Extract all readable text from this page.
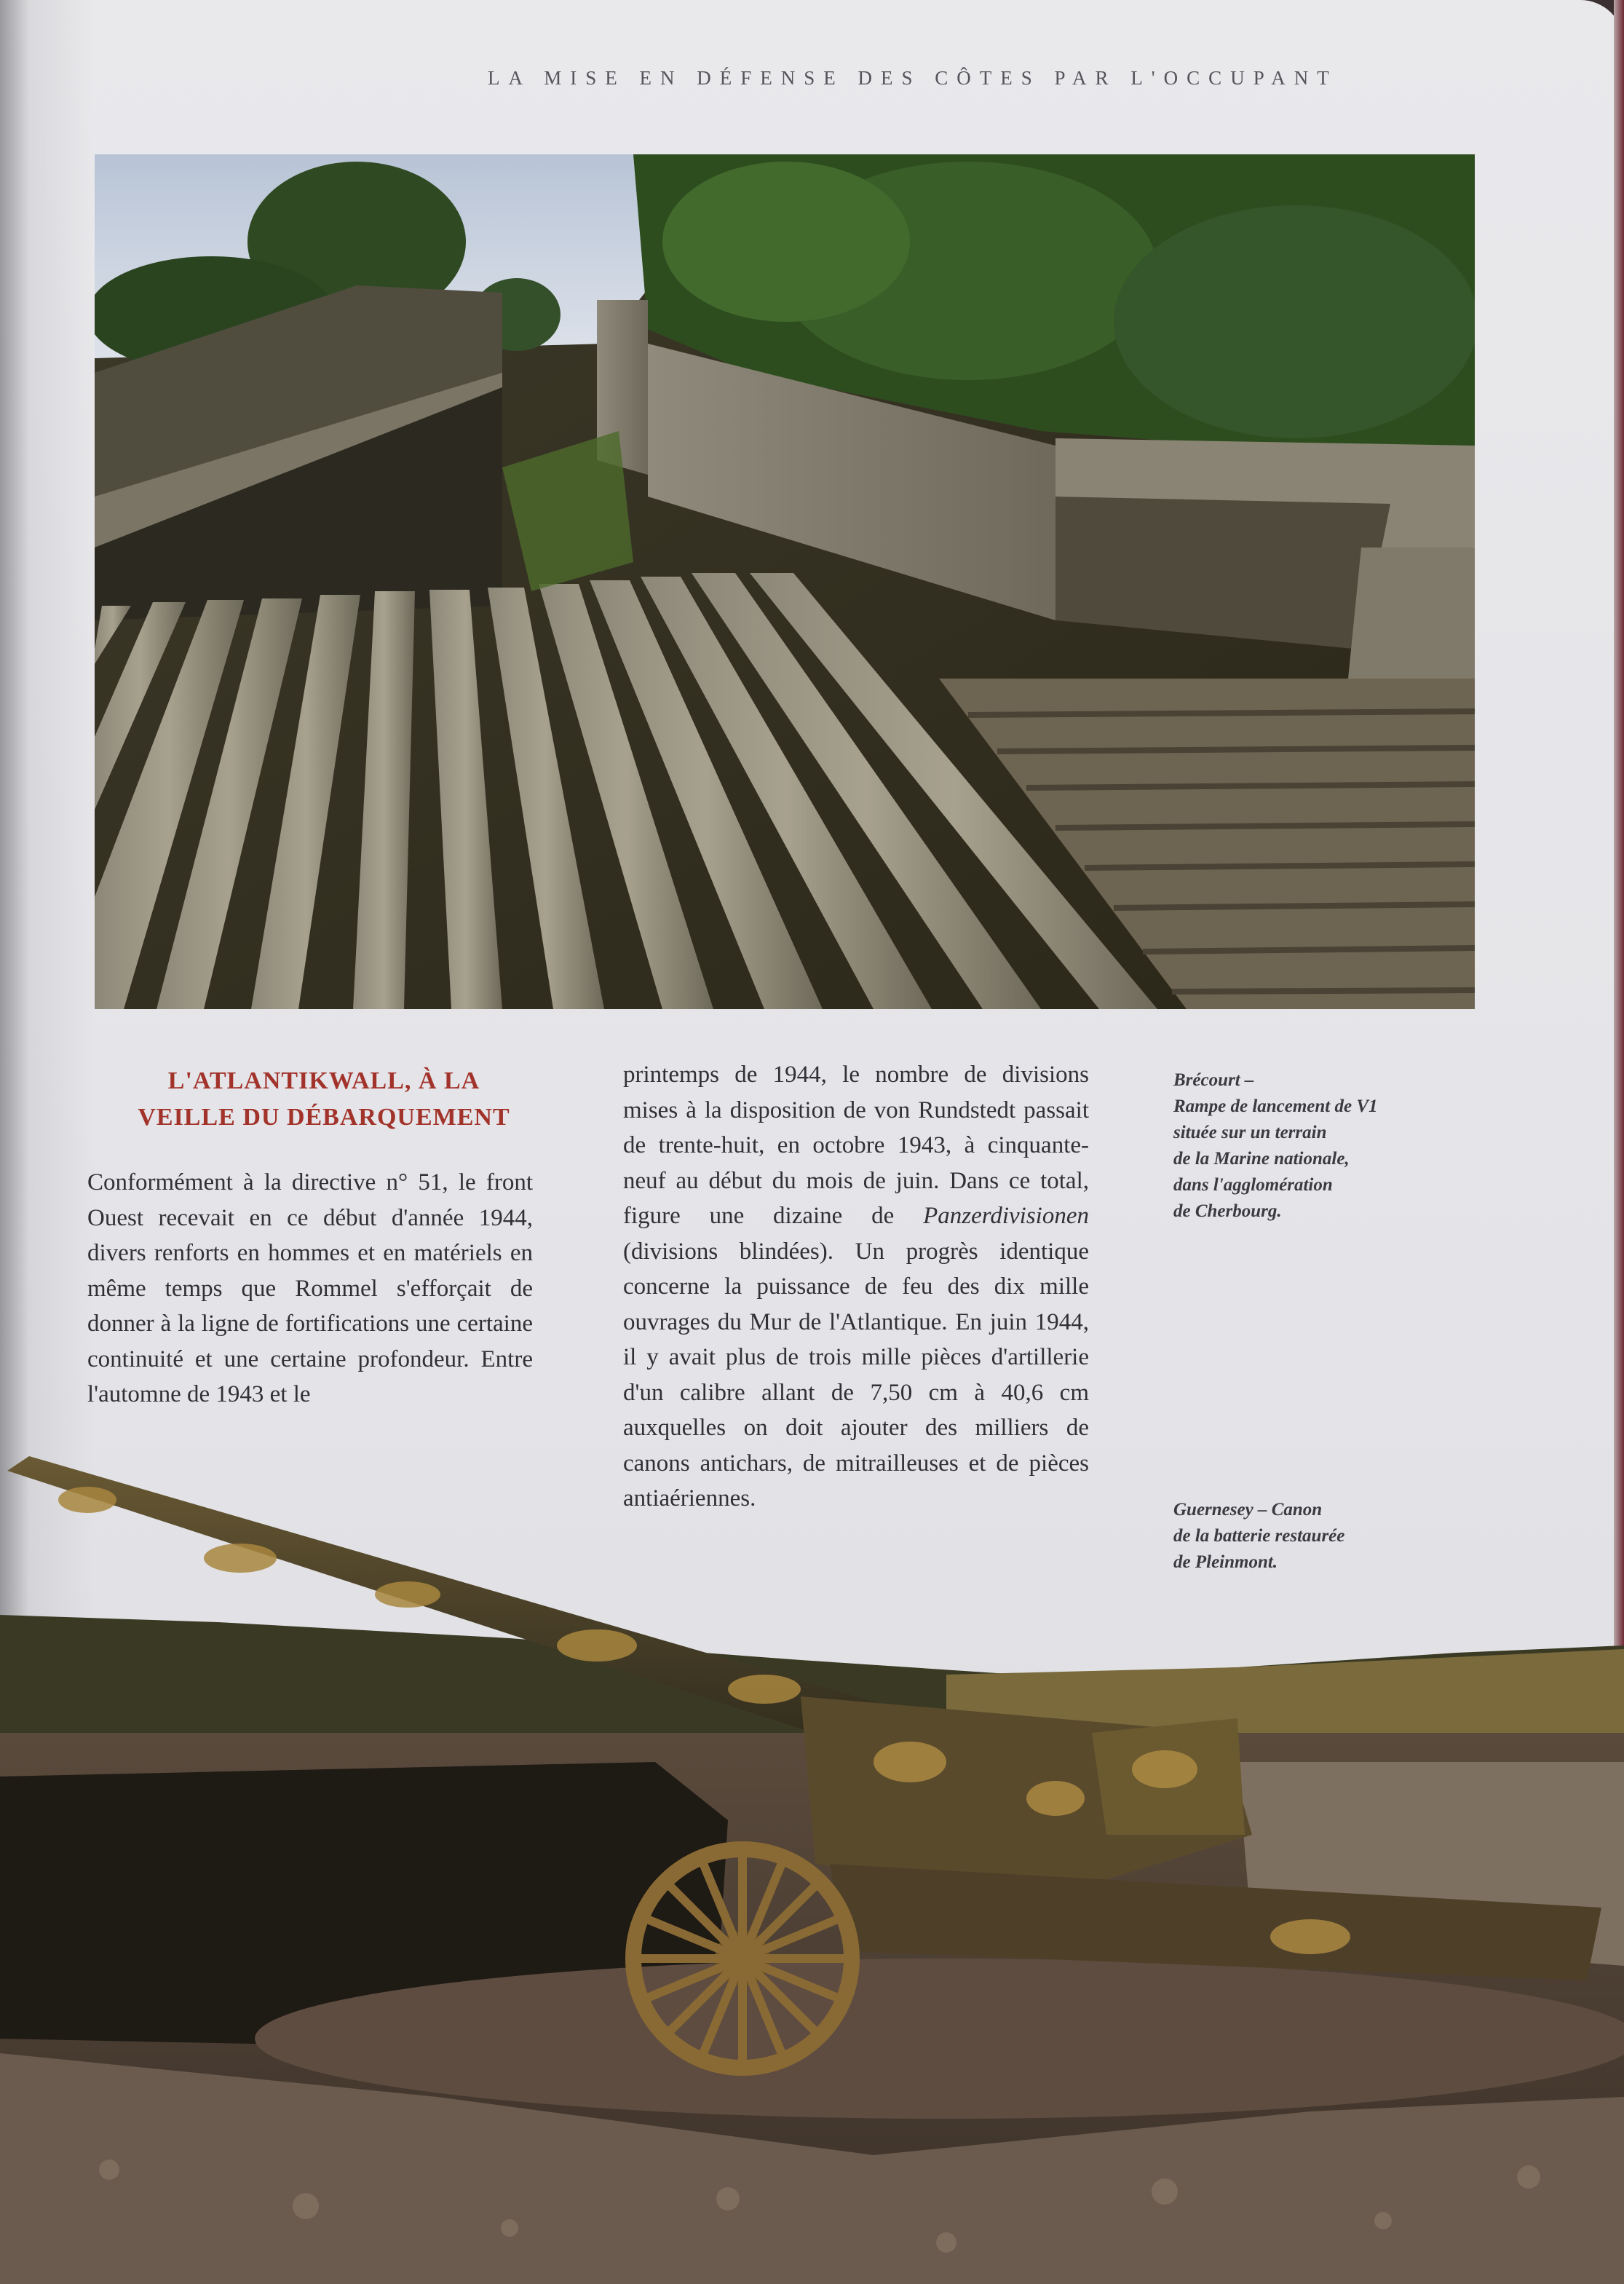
LA MISE EN DÉFENSE DES CÔTES PAR L'OCCUPANT
L'ATLANTIKWALL, À LA
VEILLE DU DÉBARQUEMENT
Conformément à la directive n° 51, le front Ouest recevait en ce début d'année 1944, divers renforts en hommes et en matériels en même temps que Rommel s'efforçait de donner à la ligne de fortifications une certaine continuité et une certaine profondeur. Entre l'automne de 1943 et le
printemps de 1944, le nombre de divisions mises à la disposition de von Rundstedt passait de trente-huit, en octobre 1943, à cinquante-neuf au début du mois de juin. Dans ce total, figure une dizaine de Panzerdivisionen (divisions blindées). Un progrès identique concerne la puissance de feu des dix mille ouvrages du Mur de l'Atlantique. En juin 1944, il y avait plus de trois mille pièces d'artillerie d'un calibre allant de 7,50 cm à 40,6 cm auxquelles on doit ajouter des milliers de canons antichars, de mitrailleuses et de pièces antiaériennes.
Brécourt –
Rampe de lancement de V1
située sur un terrain
de la Marine nationale,
dans l'agglomération
de Cherbourg.
Guernesey – Canon
de la batterie restaurée
de Pleinmont.
